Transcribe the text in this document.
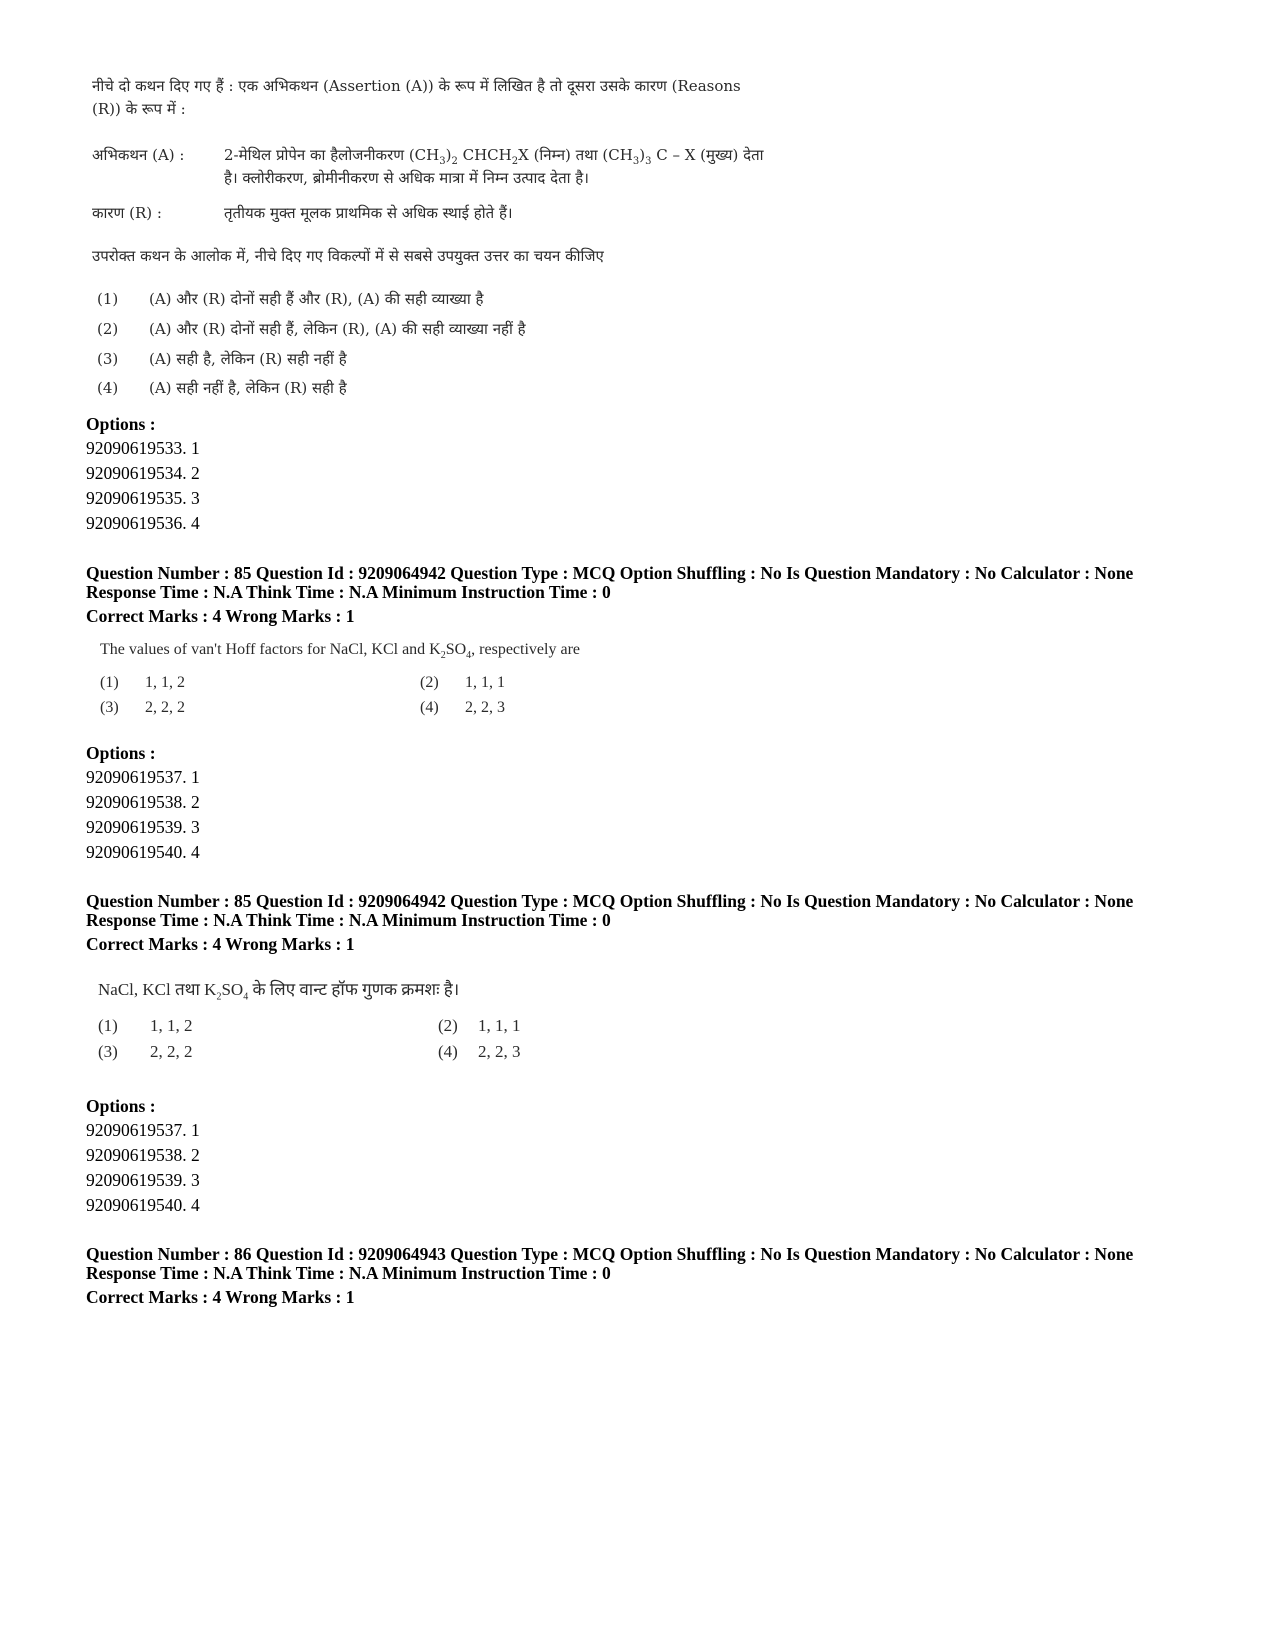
नीचे दो कथन दिए गए हैं : एक अभिकथन (Assertion (A)) के रूप में लिखित है तो दूसरा उसके कारण (Reasons
(R)) के रूप में :
अभिकथन (A) :	2-मेथिल प्रोपेन का हैलोजनीकरण $(CH_3)_2$ $CHCH_2X$ (निम्न) तथा $(CH_3)_3$ C – X (मुख्य) देता
है। क्लोरीकरण, ब्रोमीनीकरण से अधिक मात्रा में निम्न उत्पाद देता है।
कारण (R) :	तृतीयक मुक्त मूलक प्राथमिक से अधिक स्थाई होते हैं।
उपरोक्त कथन के आलोक में, नीचे दिए गए विकल्पों में से सबसे उपयुक्त उत्तर का चयन कीजिए
(1) (A) और (R) दोनों सही हैं और (R), (A) की सही व्याख्या है
(2) (A) और (R) दोनों सही हैं, लेकिन (R), (A) की सही व्याख्या नहीं है
(3) (A) सही है, लेकिन (R) सही नहीं है
(4) (A) सही नहीं है, लेकिन (R) सही है
Options :
92090619533. 1
92090619534. 2
92090619535. 3
92090619536. 4
Question Number : 85 Question Id : 9209064942 Question Type : MCQ Option Shuffling : No Is Question Mandatory : No Calculator : None
Response Time : N.A Think Time : N.A Minimum Instruction Time : 0
Correct Marks : 4 Wrong Marks : 1
The values of van't Hoff factors for NaCl, KCl and $K_2SO_4$, respectively are
(1) 1, 1, 2	(2) 1, 1, 1
(3) 2, 2, 2	(4) 2, 2, 3
Options :
92090619537. 1
92090619538. 2
92090619539. 3
92090619540. 4
Question Number : 85 Question Id : 9209064942 Question Type : MCQ Option Shuffling : No Is Question Mandatory : No Calculator : None
Response Time : N.A Think Time : N.A Minimum Instruction Time : 0
Correct Marks : 4 Wrong Marks : 1
NaCl, KCl तथा $K_2SO_4$ के लिए वान्ट हॉफ गुणक क्रमशः है।
(1) 1, 1, 2	(2) 1, 1, 1
(3) 2, 2, 2	(4) 2, 2, 3
Options :
92090619537. 1
92090619538. 2
92090619539. 3
92090619540. 4
Question Number : 86 Question Id : 9209064943 Question Type : MCQ Option Shuffling : No Is Question Mandatory : No Calculator : None
Response Time : N.A Think Time : N.A Minimum Instruction Time : 0
Correct Marks : 4 Wrong Marks : 1
